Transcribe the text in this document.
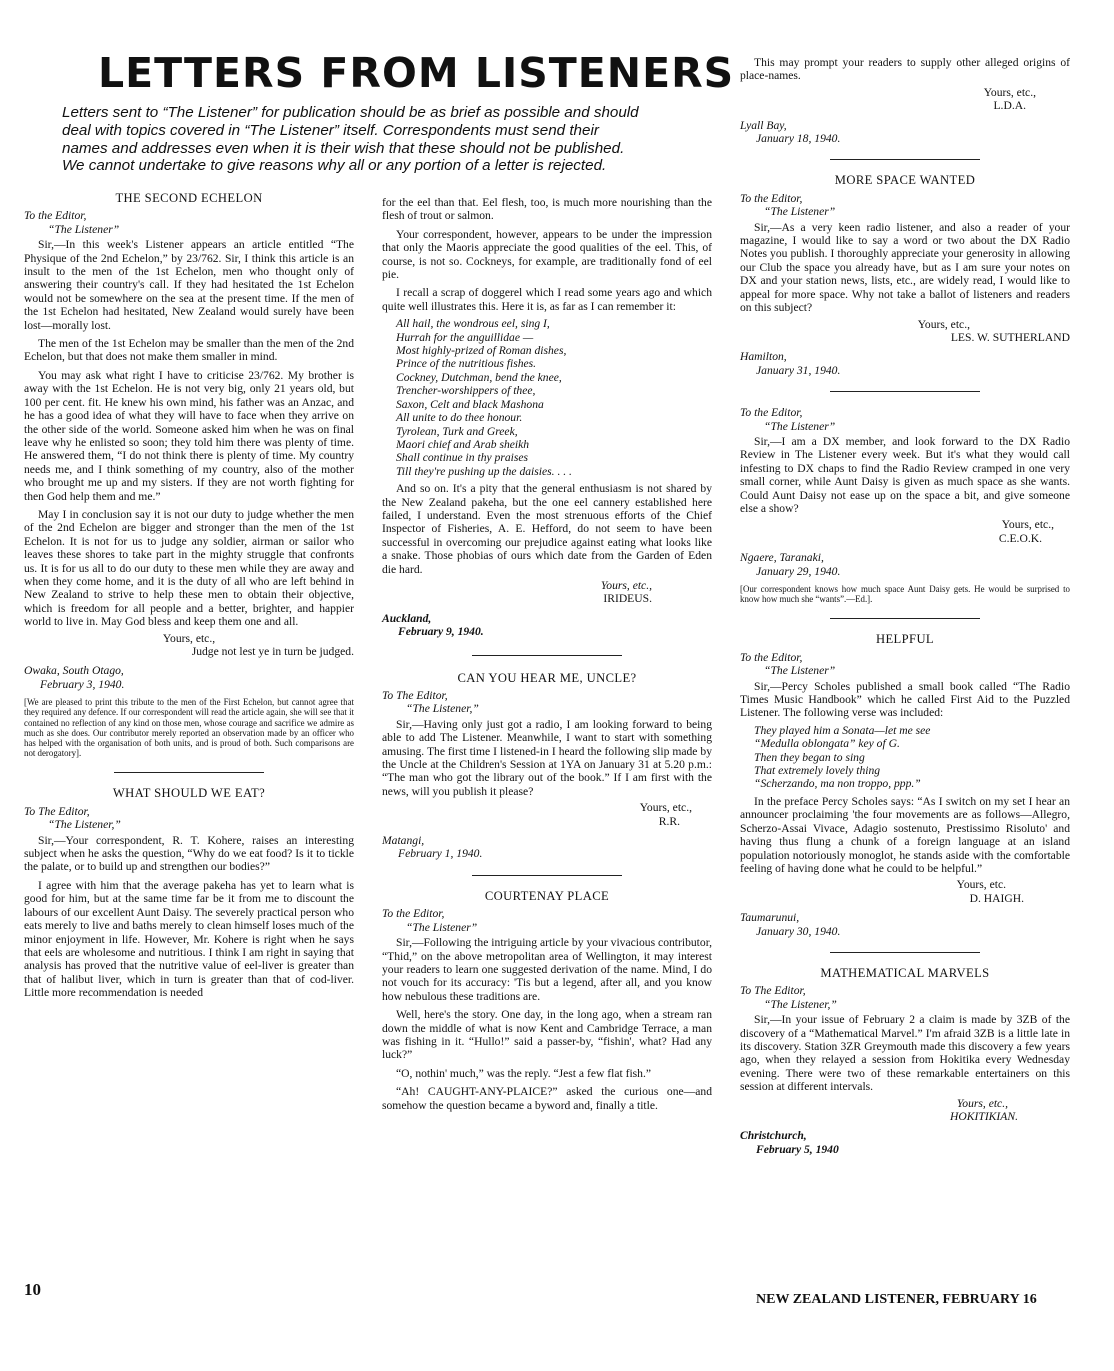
LETTERS FROM LISTENERS
Letters sent to “The Listener” for publication should be as brief as possible and should
deal with topics covered in “The Listener” itself. Correspondents must send their
names and addresses even when it is their wish that these should not be published.
We cannot undertake to give reasons why all or any portion of a letter is rejected.
THE SECOND ECHELON
To the Editor,
“The Listener”

Sir,—In this week's Listener appears an article entitled “The Physique of the 2nd Echelon,” by 23/762. Sir, I think this article is an insult to the men of the 1st Echelon, men who thought only of answering their country's call. If they had hesitated the 1st Echelon would not be somewhere on the sea at the present time. If the men of the 1st Echelon had hesitated, New Zealand would surely have been lost—morally lost.

The men of the 1st Echelon may be smaller than the men of the 2nd Echelon, but that does not make them smaller in mind.

You may ask what right I have to criticise 23/762. My brother is away with the 1st Echelon. He is not very big, only 21 years old, but 100 per cent. fit. He knew his own mind, his father was an Anzac, and he has a good idea of what they will have to face when they arrive on the other side of the world. Someone asked him when he was on final leave why he enlisted so soon; they told him there was plenty of time. He answered them, “I do not think there is plenty of time. My country needs me, and I think something of my country, also of the mother who brought me up and my sisters. If they are not worth fighting for then God help them and me.”

May I in conclusion say it is not our duty to judge whether the men of the 2nd Echelon are bigger and stronger than the men of the 1st Echelon. It is not for us to judge any soldier, airman or sailor who leaves these shores to take part in the mighty struggle that confronts us. It is for us all to do our duty to these men while they are away and when they come home, and it is the duty of all who are left behind in New Zealand to strive to help these men to obtain their objective, which is freedom for all people and a better, brighter, and happier world to live in. May God bless and keep them one and all.

Yours, etc.,
Judge not lest ye in turn be judged.
Owaka, South Otago,
February 3, 1940.
[We are pleased to print this tribute to the men of the First Echelon, but cannot agree that they required any defence. If our correspondent will read the article again, she will see that it contained no reflection of any kind on those men, whose courage and sacrifice we admire as much as she does. Our contributor merely reported an observation made by an officer who has helped with the organisation of both units, and is proud of both. Such comparisons are not derogatory].
WHAT SHOULD WE EAT?
To The Editor,
“The Listener,”

Sir,—Your correspondent, R. T. Kohere, raises an interesting subject when he asks the question, “Why do we eat food? Is it to tickle the palate, or to build up and strengthen our bodies?”

I agree with him that the average pakeha has yet to learn what is good for him, but at the same time far be it from me to discount the labours of our excellent Aunt Daisy. The severely practical person who eats merely to live and baths merely to clean himself loses much of the minor enjoyment in life. However, Mr. Kohere is right when he says that eels are wholesome and nutritious. I think I am right in saying that analysis has proved that the nutritive value of eel-liver is greater than that of halibut liver, which in turn is greater than that of cod-liver. Little more recommendation is needed

for the eel than that. Eel flesh, too, is much more nourishing than the flesh of trout or salmon.

Your correspondent, however, appears to be under the impression that only the Maoris appreciate the good qualities of the eel. This, of course, is not so. Cockneys, for example, are traditionally fond of eel pie.

I recall a scrap of doggerel which I read some years ago and which quite well illustrates this. Here it is, as far as I can remember it:

All hail, the wondrous eel, sing I,
Hurrah for the anguillidae —
Most highly-prized of Roman dishes,
Prince of the nutritious fishes.
Cockney, Dutchman, bend the knee,
Trencher-worshippers of thee,
Saxon, Celt and black Mashona
All unite to do thee honour.
Tyrolean, Turk and Greek,
Maori chief and Arab sheikh
Shall continue in thy praises
Till they're pushing up the daisies. . . .

And so on. It's a pity that the general enthusiasm is not shared by the New Zealand pakeha, but the one eel cannery established here failed, I understand. Even the most strenuous efforts of the Chief Inspector of Fisheries, A. E. Hefford, do not seem to have been successful in overcoming our prejudice against eating what looks like a snake. Those phobias of ours which date from the Garden of Eden die hard.

Yours, etc.,
IRIDEUS.
Auckland,
February 9, 1940.
CAN YOU HEAR ME, UNCLE?
To The Editor,
“The Listener,”

Sir,—Having only just got a radio, I am looking forward to being able to add The Listener. Meanwhile, I want to start with something amusing. The first time I listened-in I heard the following slip made by the Uncle at the Children's Session at 1YA on January 31 at 5.20 p.m.: “The man who got the library out of the book.” If I am first with the news, will you publish it please?

Yours, etc.,
R.R.
Matangi,
February 1, 1940.
COURTENAY PLACE
To the Editor,
“The Listener”

Sir,—Following the intriguing article by your vivacious contributor, “Thid,” on the above metropolitan area of Wellington, it may interest your readers to learn one suggested derivation of the name. Mind, I do not vouch for its accuracy: 'Tis but a legend, after all, and you know how nebulous these traditions are.

Well, here's the story. One day, in the long ago, when a stream ran down the middle of what is now Kent and Cambridge Terrace, a man was fishing in it. “Hullo!” said a passer-by, “fishin', what? Had any luck?”

“O, nothin' much,” was the reply. “Jest a few flat fish.”

“Ah! CAUGHT-ANY-PLAICE?” asked the curious one—and somehow the question became a byword and, finally a title.

This may prompt your readers to supply other alleged origins of place-names.

Yours, etc.,
L.D.A.
Lyall Bay,
January 18, 1940.
MORE SPACE WANTED
To the Editor,
“The Listener”

Sir,—As a very keen radio listener, and also a reader of your magazine, I would like to say a word or two about the DX Radio Notes you publish. I thoroughly appreciate your generosity in allowing our Club the space you already have, but as I am sure your notes on DX and your station news, lists, etc., are widely read, I would like to appeal for more space. Why not take a ballot of listeners and readers on this subject?

Yours, etc.,
LES. W. SUTHERLAND
Hamilton,
January 31, 1940.
To the Editor,
“The Listener”

Sir,—I am a DX member, and look forward to the DX Radio Review in The Listener every week. But it's what they would call infesting to DX chaps to find the Radio Review cramped in one very small corner, while Aunt Daisy is given as much space as she wants. Could Aunt Daisy not ease up on the space a bit, and give someone else a show?

Yours, etc.,
C.E.O.K.
Ngaere, Taranaki,
January 29, 1940.
[Our correspondent knows how much space Aunt Daisy gets. He would be surprised to know how much she “wants”.—Ed.].
HELPFUL
To the Editor,
“The Listener”

Sir,—Percy Scholes published a small book called “The Radio Times Music Handbook” which he called First Aid to the Puzzled Listener. The following verse was included:

They played him a Sonata—let me see
“Medulla oblongata” key of G.
Then they began to sing
That extremely lovely thing
“Scherzando, ma non troppo, ppp.”

In the preface Percy Scholes says: “As I switch on my set I hear an announcer proclaiming 'the four movements are as follows—Allegro, Scherzo-Assai Vivace, Adagio sostenuto, Prestissimo Risoluto' and having thus flung a chunk of a foreign language at an island population notoriously monoglot, he stands aside with the comfortable feeling of having done what he could to be helpful.”

Yours, etc.
D. HAIGH.
Taumarunui,
January 30, 1940.
MATHEMATICAL MARVELS
To The Editor,
“The Listener,”

Sir,—In your issue of February 2 a claim is made by 3ZB of the discovery of a “Mathematical Marvel.” I'm afraid 3ZB is a little late in its discovery. Station 3ZR Greymouth made this discovery a few years ago, when they relayed a session from Hokitika every Wednesday evening. There were two of these remarkable entertainers on this session at different intervals.

Yours, etc.,
HOKITIKIAN.
Christchurch,
February 5, 1940
10
NEW ZEALAND LISTENER, FEBRUARY 16
